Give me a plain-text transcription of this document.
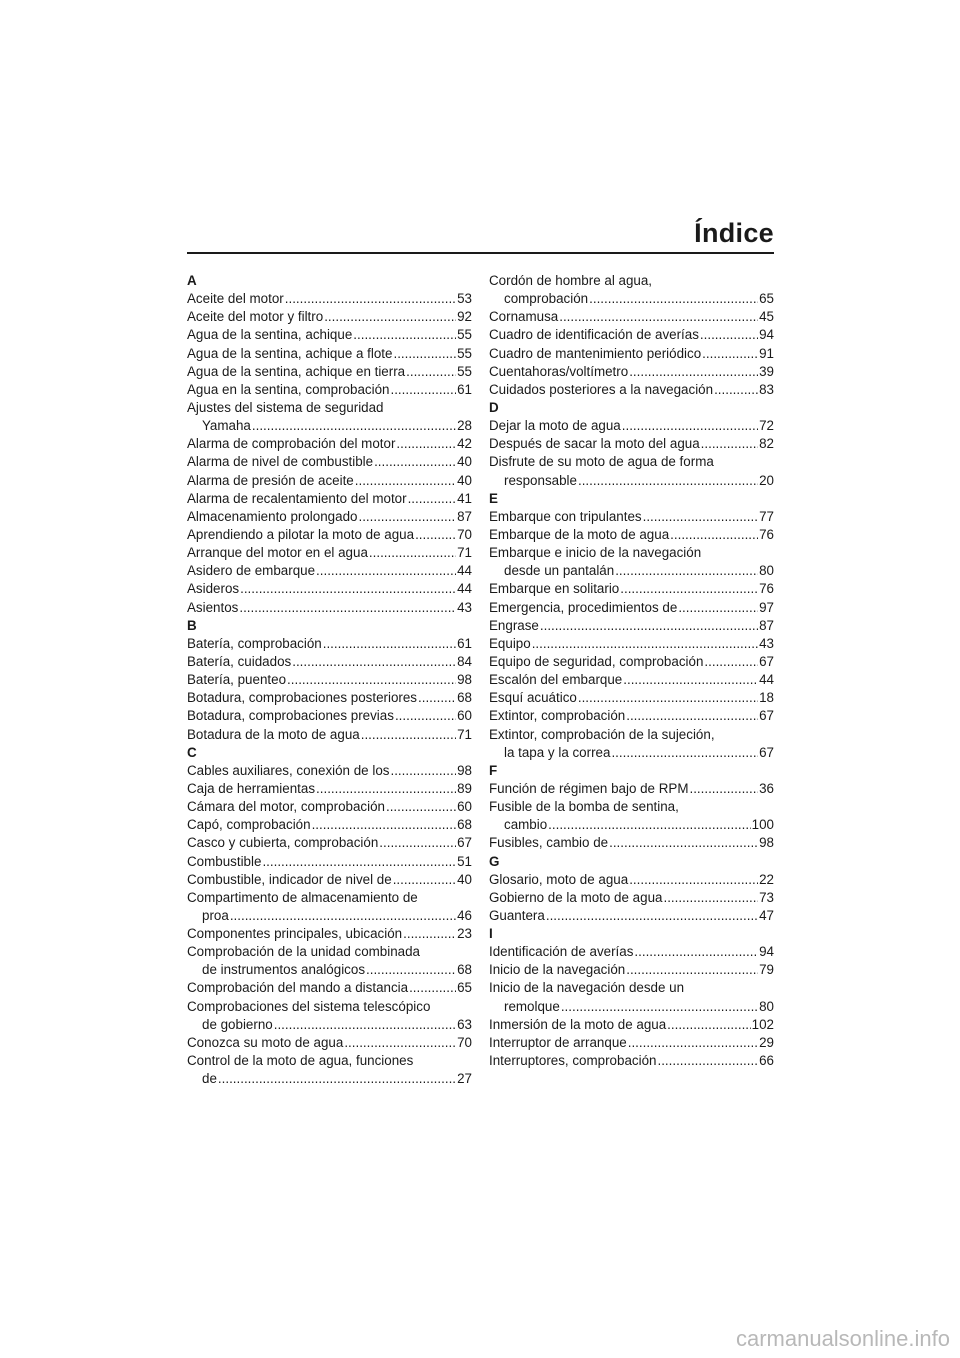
Índice
A
Aceite del motor .....	53
Aceite del motor y filtro .....	92
Agua de la sentina, achique .....	55
Agua de la sentina, achique a flote .....	55
Agua de la sentina, achique en tierra .....	55
Agua en la sentina, comprobación .....	61
Ajustes del sistema de seguridad
Yamaha .....	28
Alarma de comprobación del motor .....	42
Alarma de nivel de combustible .....	40
Alarma de presión de aceite .....	40
Alarma de recalentamiento del motor .....	41
Almacenamiento prolongado .....	87
Aprendiendo a pilotar la moto de agua .....	70
Arranque del motor en el agua .....	71
Asidero de embarque .....	44
Asideros .....	44
Asientos .....	43
B
Batería, comprobación .....	61
Batería, cuidados .....	84
Batería, puenteo .....	98
Botadura, comprobaciones posteriores .....	68
Botadura, comprobaciones previas .....	60
Botadura de la moto de agua .....	71
C
Cables auxiliares, conexión de los .....	98
Caja de herramientas .....	89
Cámara del motor, comprobación .....	60
Capó, comprobación .....	68
Casco y cubierta, comprobación .....	67
Combustible .....	51
Combustible, indicador de nivel de .....	40
Compartimento de almacenamiento de
proa .....	46
Componentes principales, ubicación .....	23
Comprobación de la unidad combinada
de instrumentos analógicos .....	68
Comprobación del mando a distancia .....	65
Comprobaciones del sistema telescópico
de gobierno .....	63
Conozca su moto de agua .....	70
Control de la moto de agua, funciones
de .....	27
Cordón de hombre al agua,
comprobación .....	65
Cornamusa .....	45
Cuadro de identificación de averías .....	94
Cuadro de mantenimiento periódico .....	91
Cuentahoras/voltímetro .....	39
Cuidados posteriores a la navegación .....	83
D
Dejar la moto de agua .....	72
Después de sacar la moto del agua .....	82
Disfrute de su moto de agua de forma
responsable .....	20
E
Embarque con tripulantes .....	77
Embarque de la moto de agua .....	76
Embarque e inicio de la navegación
desde un pantalán .....	80
Embarque en solitario .....	76
Emergencia, procedimientos de .....	97
Engrase .....	87
Equipo .....	43
Equipo de seguridad, comprobación .....	67
Escalón del embarque .....	44
Esquí acuático .....	18
Extintor, comprobación .....	67
Extintor, comprobación de la sujeción,
la tapa y la correa .....	67
F
Función de régimen bajo de RPM .....	36
Fusible de la bomba de sentina,
cambio .....	100
Fusibles, cambio de .....	98
G
Glosario, moto de agua .....	22
Gobierno de la moto de agua .....	73
Guantera .....	47
I
Identificación de averías .....	94
Inicio de la navegación .....	79
Inicio de la navegación desde un
remolque .....	80
Inmersión de la moto de agua .....	102
Interruptor de arranque .....	29
Interruptores, comprobación .....	66
carmanualsonline.info
